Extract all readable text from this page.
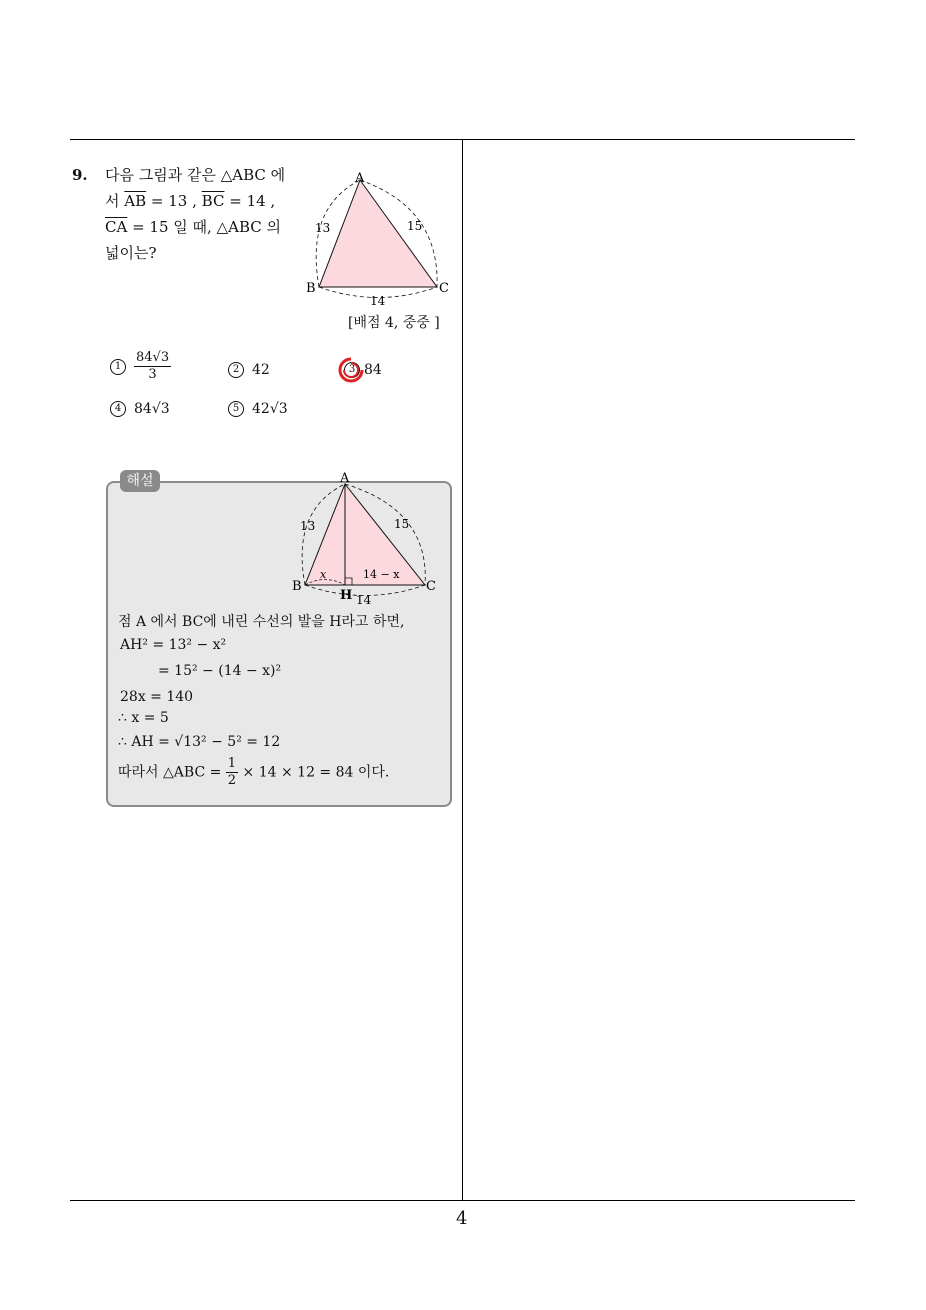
9. 다음 그림과 같은 △ABC 에
서 $\overline{AB} = 13$ , $\overline{BC} = 14$ ,
$\overline{CA} = 15$ 일 때, △ABC 의
넓이는?
A
B	C
13	15
14
[배점 4, 중중 ]
$1 \frac{84√3}{3}$	2 42	3 84
4 84√3	5 42√3
해설	A
B	C
H
13	15
14
x	14 − x
점 A 에서 BC에 내린 수선의 발을 H라고 하면,
AH² = 13² − x²
= 15² − (14 − x)²
28x = 140
∴ x = 5
∴ AH = √13² − 5² = 12
따라서 △ABC = $\frac{1}{2} \times 14 \times 12 = 84$ 이다.
4
